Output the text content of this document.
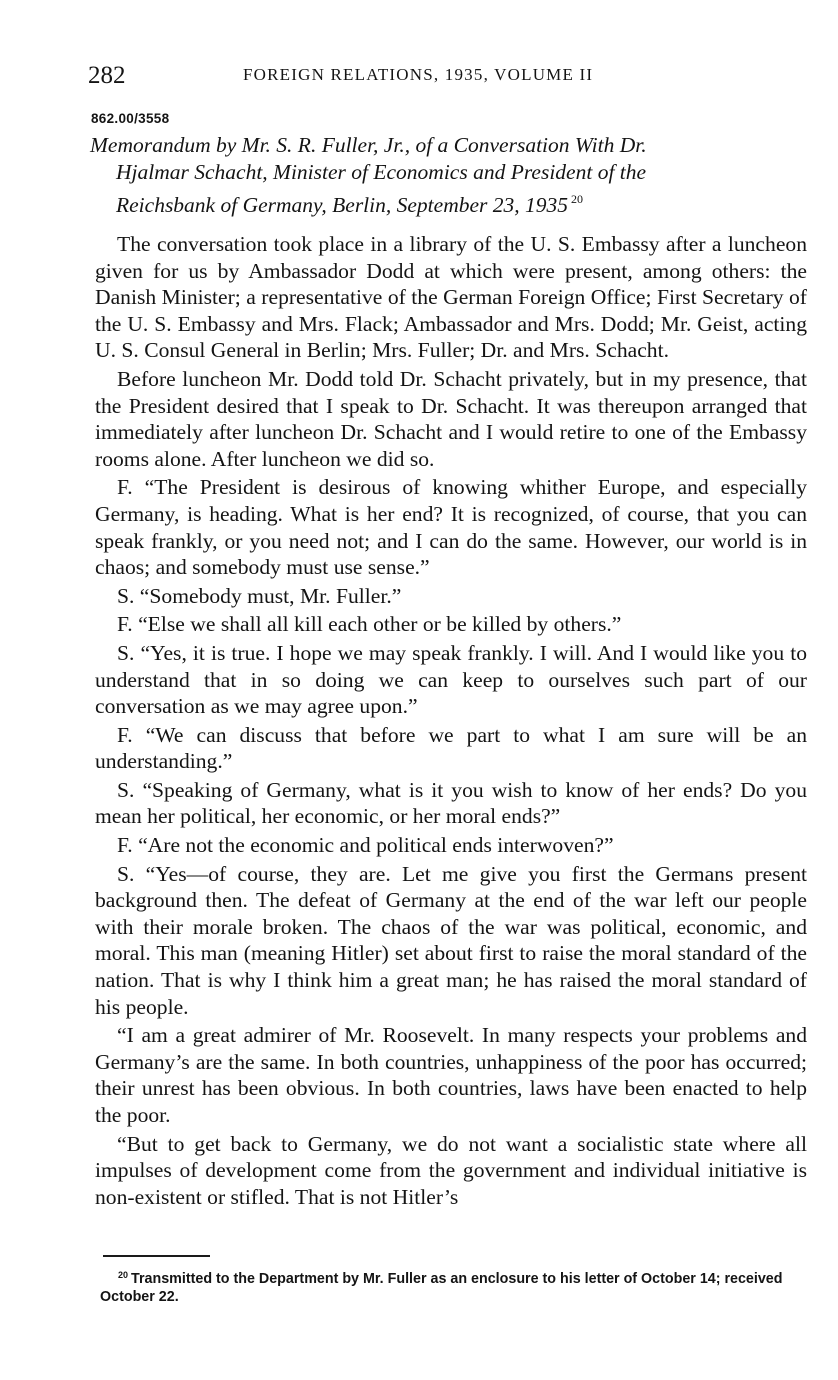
282	FOREIGN RELATIONS, 1935, VOLUME II
862.00/3558
Memorandum by Mr. S. R. Fuller, Jr., of a Conversation With Dr.
Hjalmar Schacht, Minister of Economics and President of the
Reichsbank of Germany, Berlin, September 23, 1935 $^{20}$

The conversation took place in a library of the U. S. Embassy after a luncheon given for us by Ambassador Dodd at which were present, among others: the Danish Minister; a representative of the German Foreign Office; First Secretary of the U. S. Embassy and Mrs. Flack; Ambassador and Mrs. Dodd; Mr. Geist, acting U. S. Consul General in Berlin; Mrs. Fuller; Dr. and Mrs. Schacht.

Before luncheon Mr. Dodd told Dr. Schacht privately, but in my presence, that the President desired that I speak to Dr. Schacht. It was thereupon arranged that immediately after luncheon Dr. Schacht and I would retire to one of the Embassy rooms alone. After luncheon we did so.

F. “The President is desirous of knowing whither Europe, and especially Germany, is heading. What is her end? It is recognized, of course, that you can speak frankly, or you need not; and I can do the same. However, our world is in chaos; and somebody must use sense.”

S. “Somebody must, Mr. Fuller.”

F. “Else we shall all kill each other or be killed by others.”

S. “Yes, it is true. I hope we may speak frankly. I will. And I would like you to understand that in so doing we can keep to ourselves such part of our conversation as we may agree upon.”

F. “We can discuss that before we part to what I am sure will be an understanding.”

S. “Speaking of Germany, what is it you wish to know of her ends? Do you mean her political, her economic, or her moral ends?”

F. “Are not the economic and political ends interwoven?”

S. “Yes—of course, they are. Let me give you first the Germans present background then. The defeat of Germany at the end of the war left our people with their morale broken. The chaos of the war was political, economic, and moral. This man (meaning Hitler) set about first to raise the moral standard of the nation. That is why I think him a great man; he has raised the moral standard of his people.

“I am a great admirer of Mr. Roosevelt. In many respects your problems and Germany’s are the same. In both countries, unhappiness of the poor has occurred; their unrest has been obvious. In both countries, laws have been enacted to help the poor.

“But to get back to Germany, we do not want a socialistic state where all impulses of development come from the government and individual initiative is non-existent or stifled. That is not Hitler’s

$^{20}$ Transmitted to the Department by Mr. Fuller as an enclosure to his letter of October 14; received October 22.
